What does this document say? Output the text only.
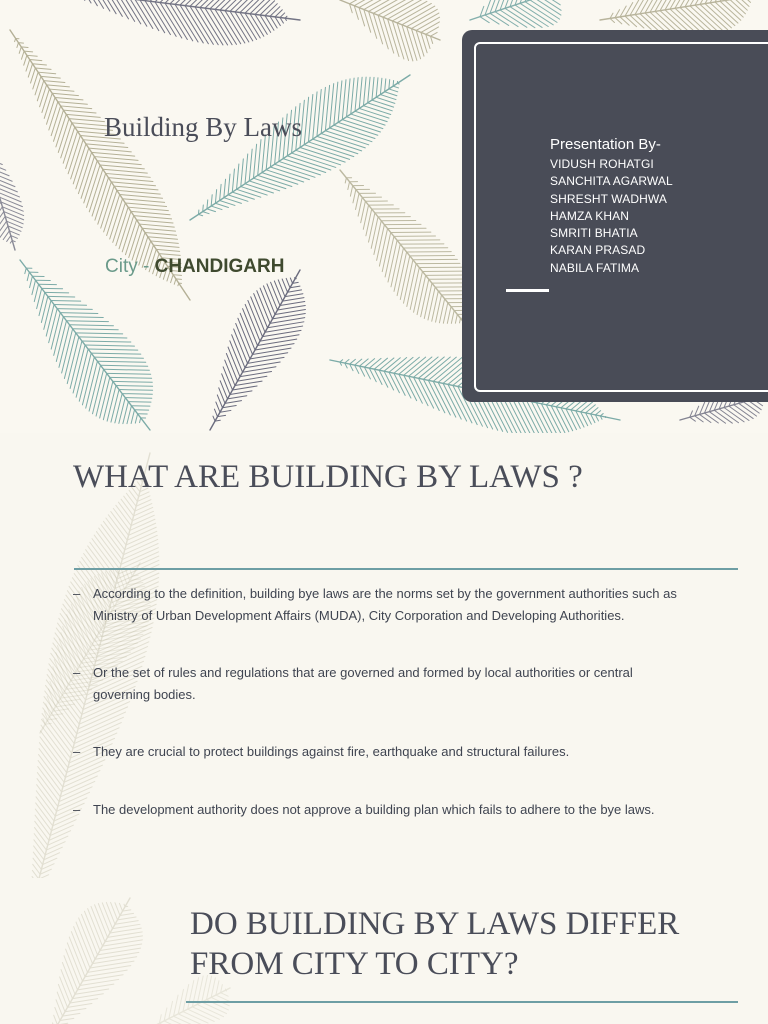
Building By Laws
City - CHANDIGARH
Presentation By-
VIDUSH ROHATGI
SANCHITA AGARWAL
SHRESHT WADHWA
HAMZA KHAN
SMRITI BHATIA
KARAN PRASAD
NABILA FATIMA
WHAT ARE BUILDING BY LAWS ?
– According to the definition, building bye laws are the norms set by the government authorities such as Ministry of Urban Development Affairs (MUDA), City Corporation and Developing Authorities.
– Or the set of rules and regulations that are governed and formed by local authorities or central governing bodies.
– They are crucial to protect buildings against fire, earthquake and structural failures.
– The development authority does not approve a building plan which fails to adhere to the bye laws.
DO BUILDING BY LAWS DIFFER
FROM CITY TO CITY?
